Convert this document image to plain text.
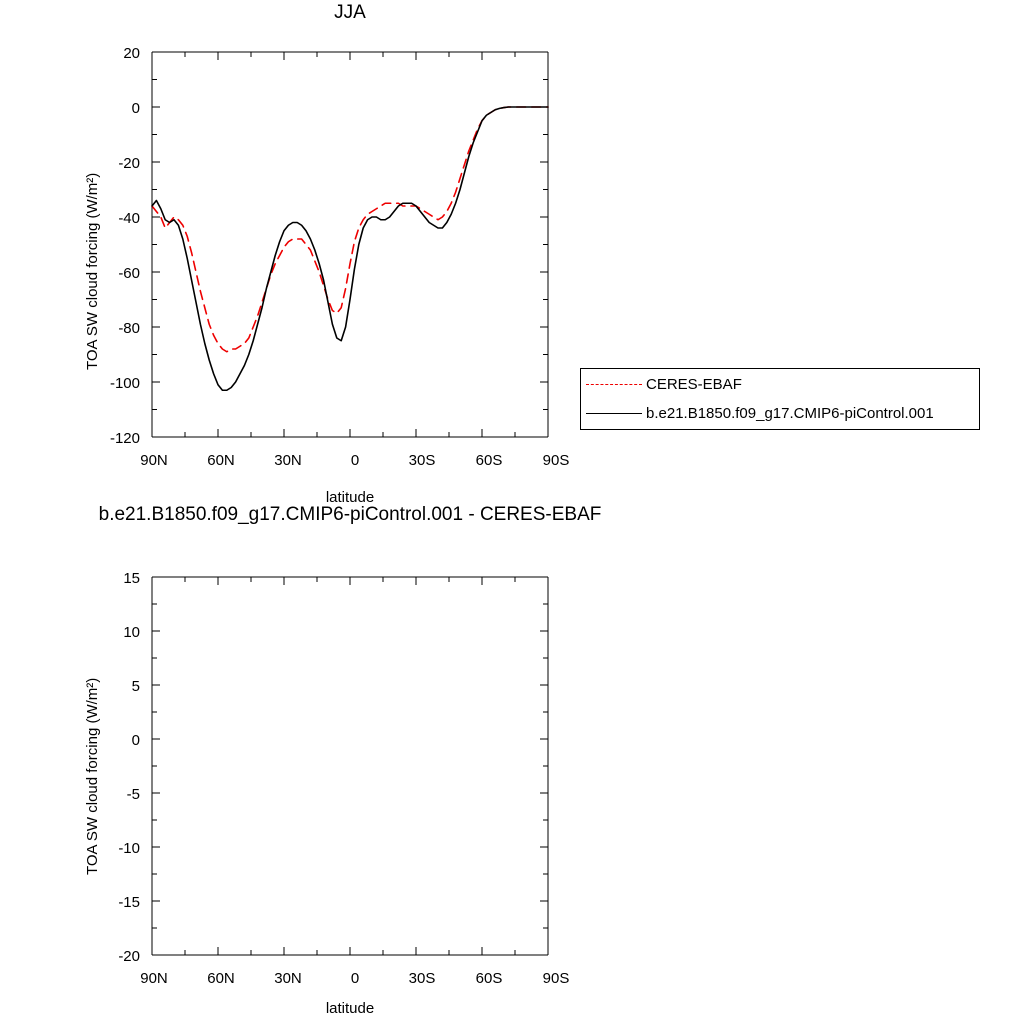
JJA
TOA SW cloud forcing (W/m²)
latitude
20
0
-20
-40
-60
-80
-100
-120
90N	60N	30N	0	30S	60S	90S
CERES-EBAF
b.e21.B1850.f09_g17.CMIP6-piControl.001
b.e21.B1850.f09_g17.CMIP6-piControl.001 - CERES-EBAF
TOA SW cloud forcing (W/m²)
latitude
15
10
5
0
-5
-10
-15
-20
90N	60N	30N	0	30S	60S	90S
